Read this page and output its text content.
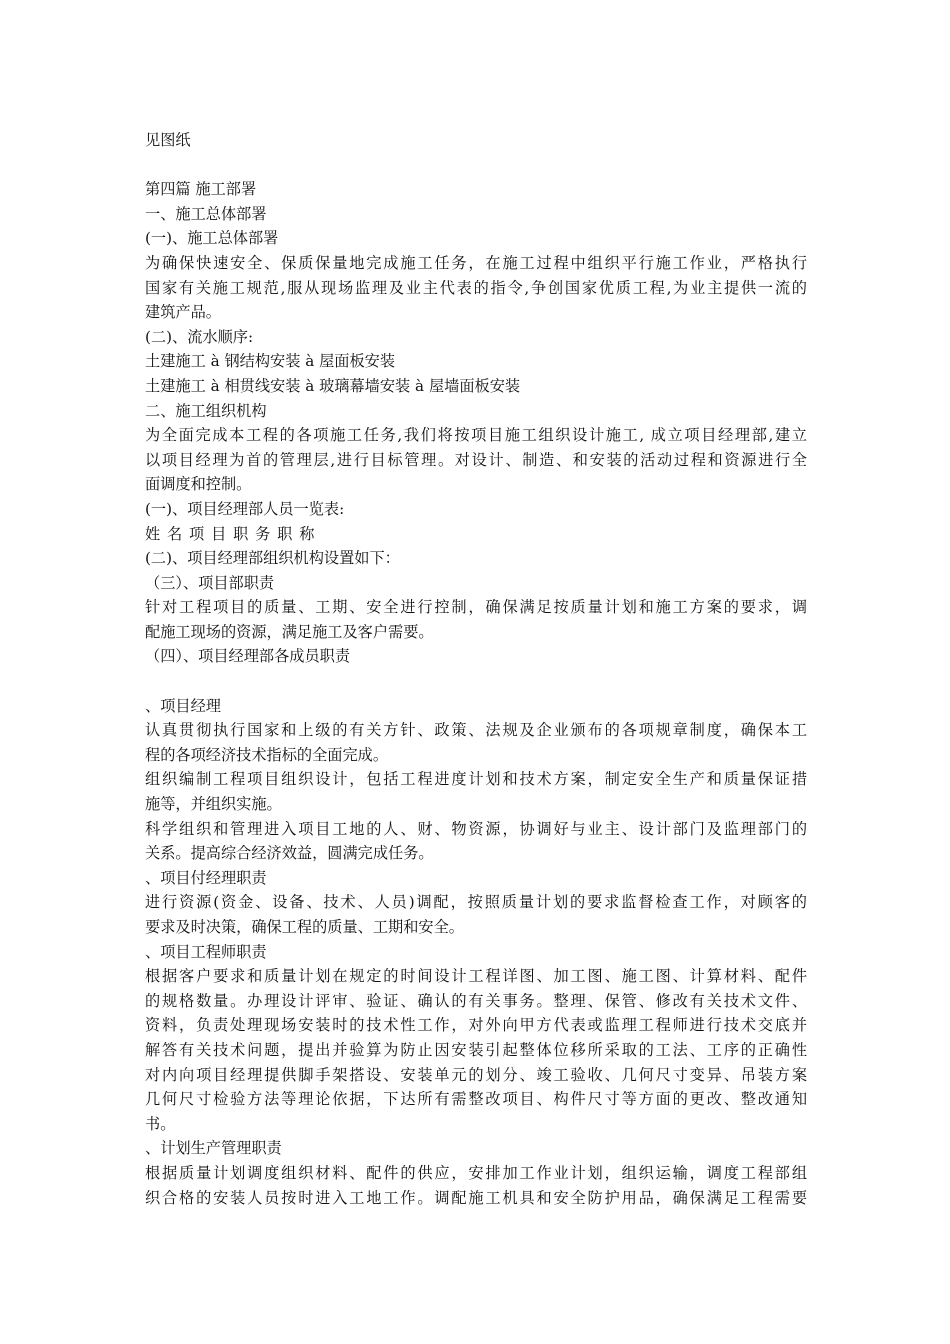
见图纸
第四篇 施工部署
一、施工总体部署
(一)、施工总体部署
为确保快速安全、保质保量地完成施工任务，在施工过程中组织平行施工作业，严格执行
国家有关施工规范,服从现场监理及业主代表的指令,争创国家优质工程,为业主提供一流的
建筑产品。
(二)、流水顺序:
土建施工 à 钢结构安装 à 屋面板安装
土建施工 à 相贯线安装 à 玻璃幕墙安装 à 屋墙面板安装
二、施工组织机构
为全面完成本工程的各项施工任务,我们将按项目施工组织设计施工, 成立项目经理部,建立
以项目经理为首的管理层,进行目标管理。对设计、制造、和安装的活动过程和资源进行全
面调度和控制。
(一)、项目经理部人员一览表:
姓名项目职务职称
(二)、项目经理部组织机构设置如下：
（三）、项目部职责
针对工程项目的质量、工期、安全进行控制，确保满足按质量计划和施工方案的要求，调
配施工现场的资源，满足施工及客户需要。
（四）、项目经理部各成员职责
、项目经理
认真贯彻执行国家和上级的有关方针、政策、法规及企业颁布的各项规章制度，确保本工
程的各项经济技术指标的全面完成。
组织编制工程项目组织设计，包括工程进度计划和技术方案，制定安全生产和质量保证措
施等，并组织实施。
科学组织和管理进入项目工地的人、财、物资源，协调好与业主、设计部门及监理部门的
关系。提高综合经济效益，圆满完成任务。
、项目付经理职责
进行资源(资金、设备、技术、人员)调配，按照质量计划的要求监督检查工作，对顾客的
要求及时决策，确保工程的质量、工期和安全。
、项目工程师职责
根据客户要求和质量计划在规定的时间设计工程详图、加工图、施工图、计算材料、配件
的规格数量。办理设计评审、验证、确认的有关事务。整理、保管、修改有关技术文件、
资料，负责处理现场安装时的技术性工作，对外向甲方代表或监理工程师进行技术交底并
解答有关技术问题，提出并验算为防止因安装引起整体位移所采取的工法、工序的正确性
对内向项目经理提供脚手架搭设、安装单元的划分、竣工验收、几何尺寸变异、吊装方案
几何尺寸检验方法等理论依据，下达所有需整改项目、构件尺寸等方面的更改、整改通知
书。
、计划生产管理职责
根据质量计划调度组织材料、配件的供应，安排加工作业计划，组织运输，调度工程部组
织合格的安装人员按时进入工地工作。调配施工机具和安全防护用品，确保满足工程需要
